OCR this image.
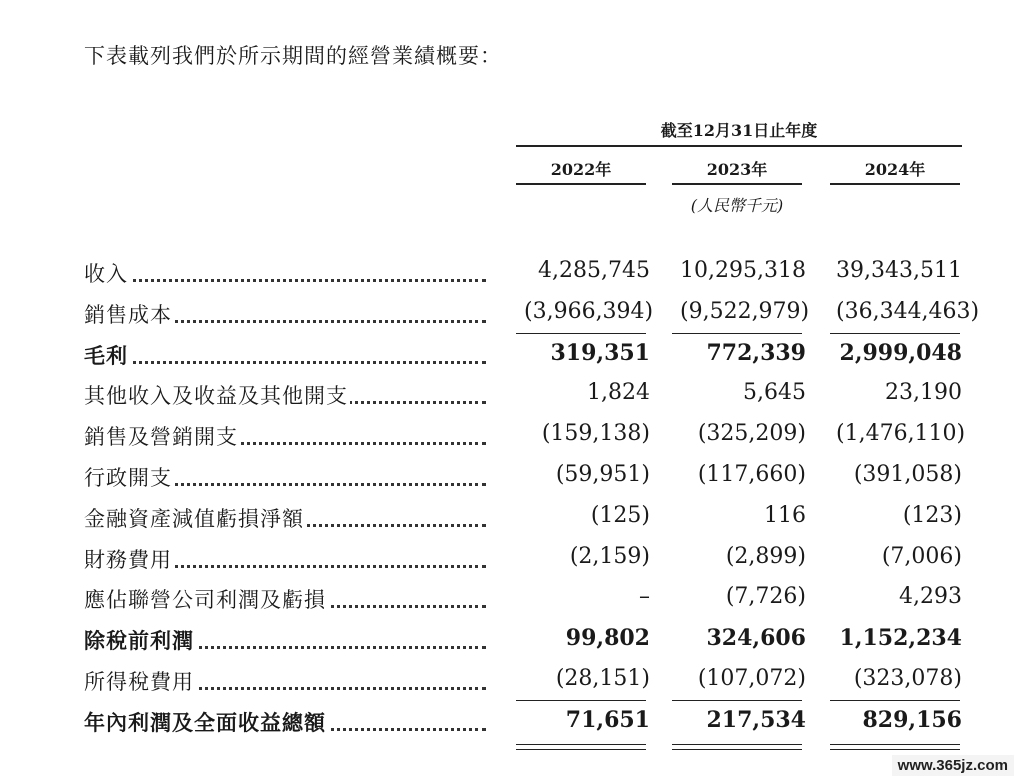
下表載列我們於所示期間的經營業績概要：
截至12月31日止年度
2022年	2023年	2024年
(人民幣千元)
收入	4,285,745 10,295,318 39,343,511
銷售成本	(3,966,394) (9,522,979) (36,344,463)
毛利	319,351	772,339 2,999,048
其他收入及收益及其他開支	1,824	5,645	23,190
銷售及營銷開支	(159,138)	(325,209) (1,476,110)
行政開支	(59,951)	(117,660)	(391,058)
金融資產減值虧損淨額	(125)	116	(123)
財務費用	(2,159)	(2,899)	(7,006)
應佔聯營公司利潤及虧損	–	(7,726)	4,293
除稅前利潤	99,802	324,606 1,152,234
所得稅費用	(28,151)	(107,072)	(323,078)
年內利潤及全面收益總額	71,651	217,534	829,156
www.365jz.com
